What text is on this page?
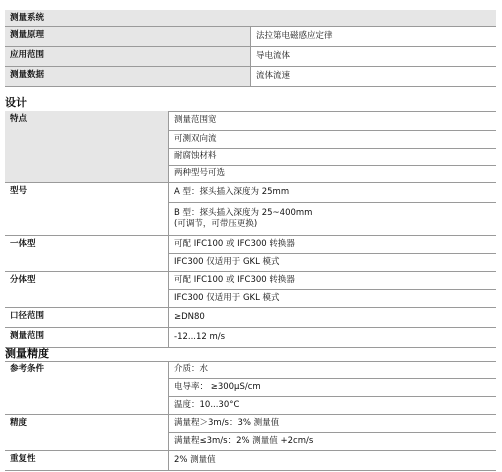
测量系统	
测量原理	法拉第电磁感应定律
应用范围	导电流体
测量数据	流体流速
设计
特点	测量范围宽
	可测双向流
	耐腐蚀材料
	两种型号可选
型号	A 型：探头插入深度为 25mm

	B 型：探头插入深度为 25~400mm
(可调节，可带压更换)

一体型	可配 IFC100 或 IFC300 转换器
	IFC300 仅适用于 GKL 模式
分体型	可配 IFC100 或 IFC300 转换器
	IFC300 仅适用于 GKL 模式
口径范围	≥DN80
测量范围	-12...12 m/s
测量精度
参考条件	介质：水
	电导率： ≥300µS/cm
	温度：10...30°C
精度	满量程＞3m/s：3% 测量值
	满量程≤3m/s：2% 测量值 +2cm/s
重复性	2% 测量值
